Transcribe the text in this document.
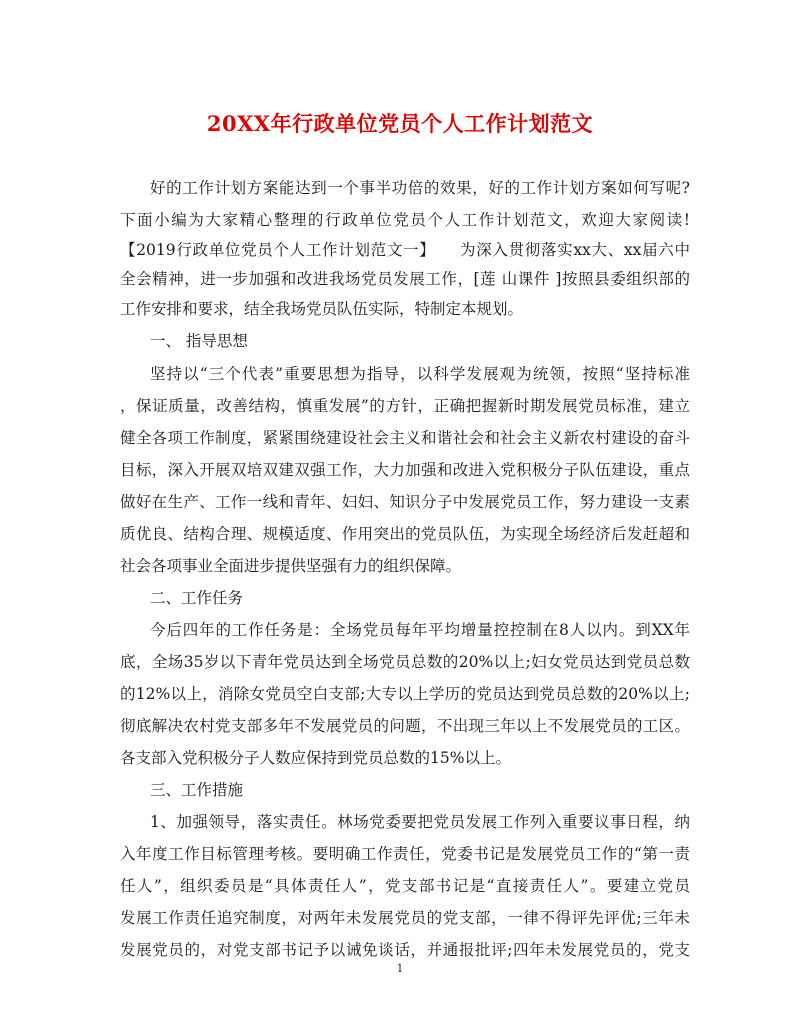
20XX年行政单位党员个人工作计划范文
好的工作计划方案能达到一个事半功倍的效果，好的工作计划方案如何写呢?
下面小编为大家精心整理的行政单位党员个人工作计划范文，欢迎大家阅读!
【2019行政单位党员个人工作计划范文一】　　为深入贯彻落实xx大、xx届六中
全会精神，进一步加强和改进我场党员发展工作，[莲 山课件 ]按照县委组织部的
工作安排和要求，结全我场党员队伍实际，特制定本规划。
一、 指导思想
坚持以“三个代表”重要思想为指导，以科学发展观为统领，按照“坚持标准
，保证质量，改善结构，慎重发展”的方针，正确把握新时期发展党员标准，建立
健全各项工作制度，紧紧围绕建设社会主义和谐社会和社会主义新农村建设的奋斗
目标，深入开展双培双建双强工作，大力加强和改进入党积极分子队伍建设，重点
做好在生产、工作一线和青年、妇妇、知识分子中发展党员工作，努力建设一支素
质优良、结构合理、规模适度、作用突出的党员队伍，为实现全场经济后发赶超和
社会各项事业全面进步提供坚强有力的组织保障。
二、工作任务
今后四年的工作任务是：全场党员每年平均增量控控制在8人以内。到XX年
底，全场35岁以下青年党员达到全场党员总数的20%以上;妇女党员达到党员总数
的12%以上，消除女党员空白支部;大专以上学历的党员达到党员总数的20%以上;
彻底解决农村党支部多年不发展党员的问题，不出现三年以上不发展党员的工区。
各支部入党积极分子人数应保持到党员总数的15%以上。
三、工作措施
1、加强领导，落实责任。林场党委要把党员发展工作列入重要议事日程，纳
入年度工作目标管理考核。要明确工作责任，党委书记是发展党员工作的“第一责
任人”，组织委员是“具体责任人”，党支部书记是“直接责任人”。要建立党员
发展工作责任追究制度，对两年未发展党员的党支部，一律不得评先评优;三年未
发展党员的，对党支部书记予以诫免谈话，并通报批评;四年未发展党员的，党支
1
